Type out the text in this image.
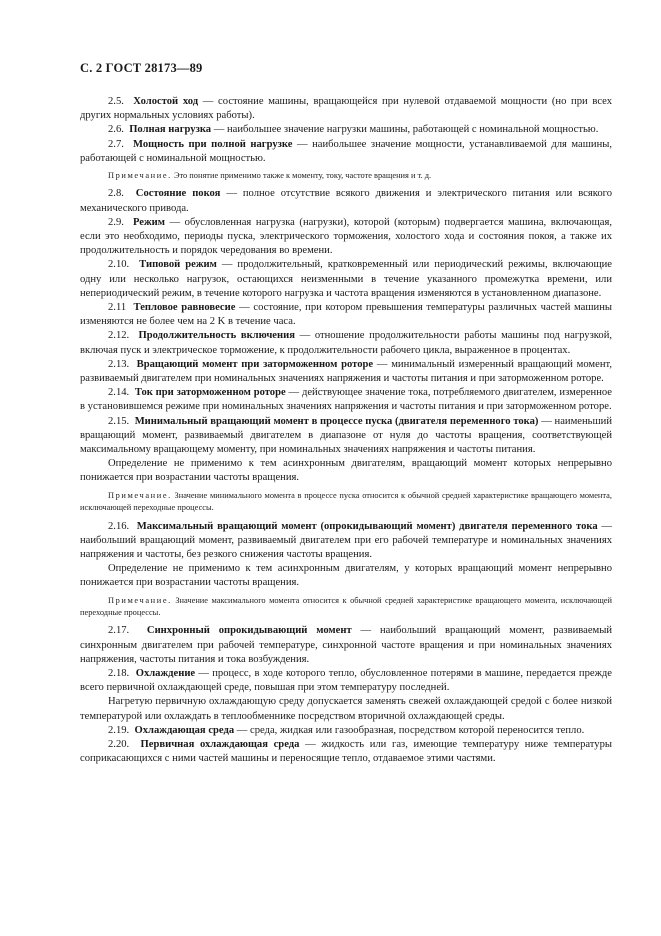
С. 2 ГОСТ 28173—89

2.5. Холостой ход — состояние машины, вращающейся при нулевой отдаваемой мощности (но при всех других нормальных условиях работы).

2.6. Полная нагрузка — наибольшее значение нагрузки машины, работающей с номинальной мощностью.

2.7. Мощность при полной нагрузке — наибольшее значение мощности, устанавливаемой для машины, работающей с номинальной мощностью.

Примечание. Это понятие применимо также к моменту, току, частоте вращения и т. д.

2.8. Состояние покоя — полное отсутствие всякого движения и электрического питания или всякого механического привода.

2.9. Режим — обусловленная нагрузка (нагрузки), которой (которым) подвергается машина, включающая, если это необходимо, периоды пуска, электрического торможения, холостого хода и состояния покоя, а также их продолжительность и порядок чередования во времени.

2.10. Типовой режим — продолжительный, кратковременный или периодический режимы, включающие одну или несколько нагрузок, остающихся неизменными в течение указанного промежутка времени, или непериодический режим, в течение которого нагрузка и частота вращения изменяются в установленном диапазоне.

2.11 Тепловое равновесие — состояние, при котором превышения температуры различных частей машины изменяются не более чем на 2 K в течение часа.

2.12. Продолжительность включения — отношение продолжительности работы машины под нагрузкой, включая пуск и электрическое торможение, к продолжительности рабочего цикла, выраженное в процентах.

2.13. Вращающий момент при заторможенном роторе — минимальный измеренный вращающий момент, развиваемый двигателем при номинальных значениях напряжения и частоты питания и при заторможенном роторе.

2.14. Ток при заторможенном роторе — действующее значение тока, потребляемого двигателем, измеренное в установившемся режиме при номинальных значениях напряжения и частоты питания и при заторможенном роторе.

2.15. Минимальный вращающий момент в процессе пуска (двигателя переменного тока) — наименьший вращающий момент, развиваемый двигателем в диапазоне от нуля до частоты вращения, соответствующей максимальному вращающему моменту, при номинальных значениях напряжения и частоты питания.

Определение не применимо к тем асинхронным двигателям, вращающий момент которых непрерывно понижается при возрастании частоты вращения.

Примечание. Значение минимального момента в процессе пуска относится к обычной средней характеристике вращающего момента, исключающей переходные процессы.

2.16. Максимальный вращающий момент (опрокидывающий момент) двигателя переменного тока — наибольший вращающий момент, развиваемый двигателем при его рабочей температуре и номинальных значениях напряжения и частоты, без резкого снижения частоты вращения.

Определение не применимо к тем асинхронным двигателям, у которых вращающий момент непрерывно понижается при возрастании частоты вращения.

Примечание. Значение максимального момента относится к обычной средней характеристике вращающего момента, исключающей переходные процессы.

2.17. Синхронный опрокидывающий момент — наибольший вращающий момент, развиваемый синхронным двигателем при рабочей температуре, синхронной частоте вращения и при номинальных значениях напряжения, частоты питания и тока возбуждения.

2.18. Охлаждение — процесс, в ходе которого тепло, обусловленное потерями в машине, передается прежде всего первичной охлаждающей среде, повышая при этом температуру последней.

Нагретую первичную охлаждающую среду допускается заменять свежей охлаждающей средой с более низкой температурой или охлаждать в теплообменнике посредством вторичной охлаждающей среды.

2.19. Охлаждающая среда — среда, жидкая или газообразная, посредством которой переносится тепло.

2.20. Первичная охлаждающая среда — жидкость или газ, имеющие температуру ниже температуры соприкасающихся с ними частей машины и переносящие тепло, отдаваемое этими частями.
